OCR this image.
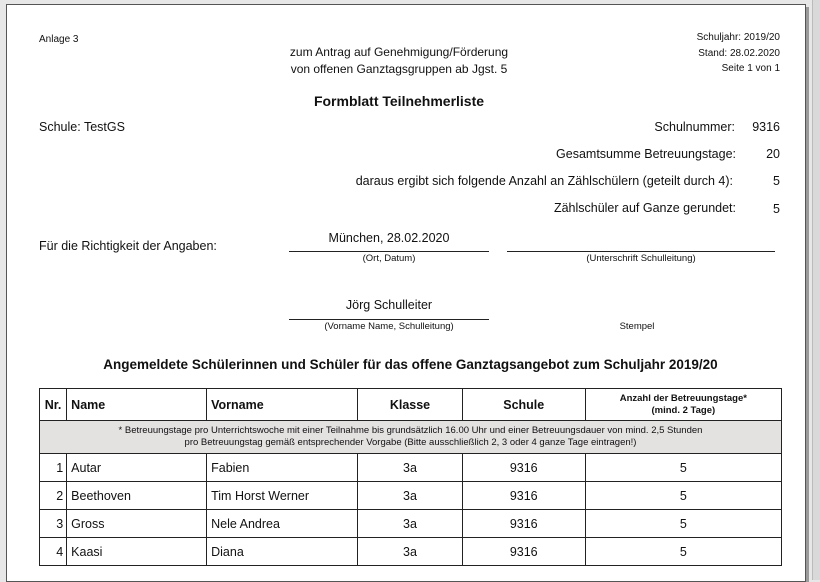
Anlage 3
zum Antrag auf Genehmigung/Förderung
von offenen Ganztagsgruppen ab Jgst. 5
Schuljahr: 2019/20
Stand: 28.02.2020
Seite 1 von 1
Formblatt Teilnehmerliste
Schule: TestGS	Schulnummer:	9316
Gesamtsumme Betreuungstage:	20
daraus ergibt sich folgende Anzahl an Zählschülern (geteilt durch 4):	5
Zählschüler auf Ganze gerundet:	5
Für die Richtigkeit der Angaben:
München, 28.02.2020
(Ort, Datum)	(Unterschrift Schulleitung)
Jörg Schulleiter
(Vorname Name, Schulleitung)	Stempel
Angemeldete Schülerinnen und Schüler für das offene Ganztagsangebot zum Schuljahr 2019/20
Nr.	Name	Vorname	Klasse	Schule	Anzahl der Betreuungstage*
(mind. 2 Tage)

* Betreuungstage pro Unterrichtswoche mit einer Teilnahme bis grundsätzlich 16.00 Uhr und einer Betreuungsdauer von mind. 2,5 Stunden
pro Betreuungstag gemäß entsprechender Vorgabe (Bitte ausschließlich 2, 3 oder 4 ganze Tage eintragen!)					

1	Autar	Fabien	3a	9316	5
2	Beethoven	Tim Horst Werner	3a	9316	5
3	Gross	Nele Andrea	3a	9316	5
4	Kaasi	Diana	3a	9316	5
